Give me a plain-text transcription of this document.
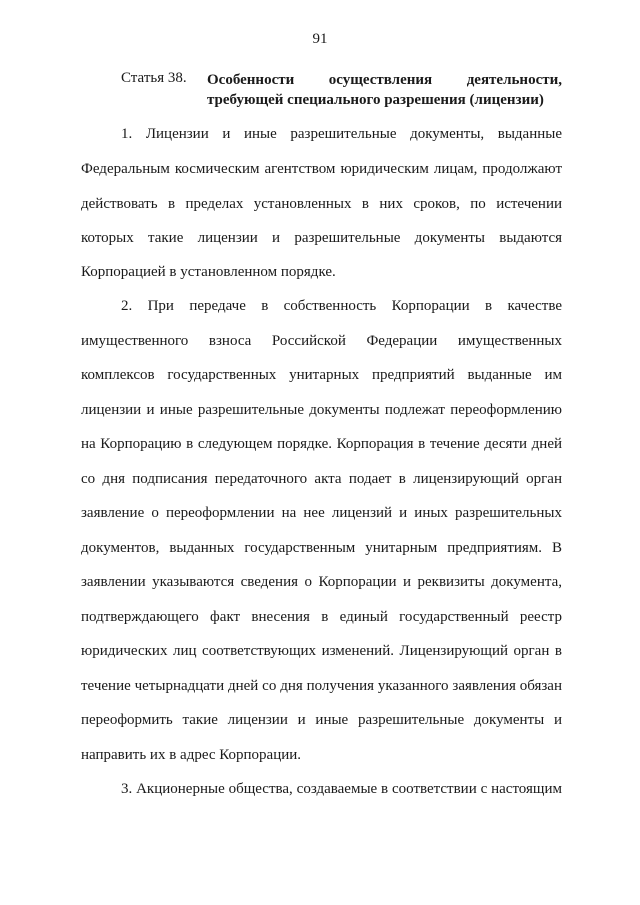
91
Статья 38. Особенности осуществления деятельности,
требующей специального разрешения (лицензии)
1. Лицензии и иные разрешительные документы, выданные
Федеральным космическим агентством юридическим лицам, продолжают
действовать в пределах установленных в них сроков, по истечении
которых такие лицензии и разрешительные документы выдаются
Корпорацией в установленном порядке.
2. При передаче в собственность Корпорации в качестве
имущественного взноса Российской Федерации имущественных
комплексов государственных унитарных предприятий выданные им
лицензии и иные разрешительные документы подлежат переоформлению
на Корпорацию в следующем порядке. Корпорация в течение десяти дней
со дня подписания передаточного акта подает в лицензирующий орган
заявление о переоформлении на нее лицензий и иных разрешительных
документов, выданных государственным унитарным предприятиям. В
заявлении указываются сведения о Корпорации и реквизиты документа,
подтверждающего факт внесения в единый государственный реестр
юридических лиц соответствующих изменений. Лицензирующий орган в
течение четырнадцати дней со дня получения указанного заявления обязан
переоформить такие лицензии и иные разрешительные документы и
направить их в адрес Корпорации.
3. Акционерные общества, создаваемые в соответствии с настоящим
